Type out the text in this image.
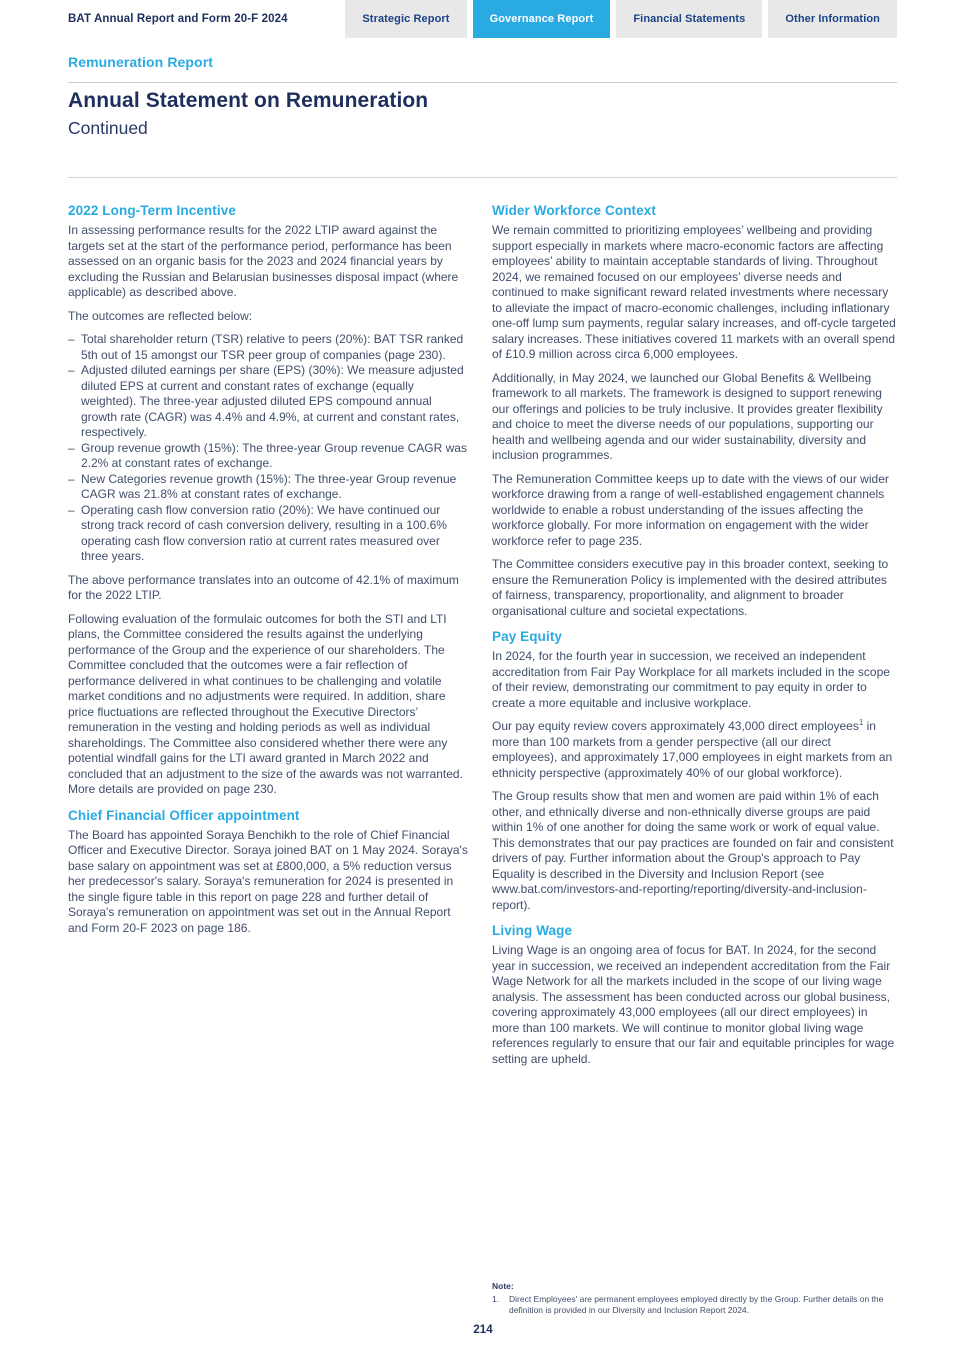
BAT Annual Report and Form 20-F 2024	Strategic Report	Governance Report	Financial Statements	Other Information
Remuneration Report
Annual Statement on Remuneration
Continued
2022 Long-Term Incentive

In assessing performance results for the 2022 LTIP award against the targets set at the start of the performance period, performance has been assessed on an organic basis for the 2023 and 2024 financial years by excluding the Russian and Belarusian businesses disposal impact (where applicable) as described above.

The outcomes are reflected below:

– Total shareholder return (TSR) relative to peers (20%): BAT TSR ranked 5th out of 15 amongst our TSR peer group of companies (page 230).
– Adjusted diluted earnings per share (EPS) (30%): We measure adjusted diluted EPS at current and constant rates of exchange (equally weighted). The three-year adjusted diluted EPS compound annual growth rate (CAGR) was 4.4% and 4.9%, at current and constant rates, respectively.
– Group revenue growth (15%): The three-year Group revenue CAGR was 2.2% at constant rates of exchange.
– New Categories revenue growth (15%): The three-year Group revenue CAGR was 21.8% at constant rates of exchange.
– Operating cash flow conversion ratio (20%): We have continued our strong track record of cash conversion delivery, resulting in a 100.6% operating cash flow conversion ratio at current rates measured over three years.

The above performance translates into an outcome of 42.1% of maximum for the 2022 LTIP.

Following evaluation of the formulaic outcomes for both the STI and LTI plans, the Committee considered the results against the underlying performance of the Group and the experience of our shareholders. The Committee concluded that the outcomes were a fair reflection of performance delivered in what continues to be challenging and volatile market conditions and no adjustments were required. In addition, share price fluctuations are reflected throughout the Executive Directors’ remuneration in the vesting and holding periods as well as individual shareholdings. The Committee also considered whether there were any potential windfall gains for the LTI award granted in March 2022 and concluded that an adjustment to the size of the awards was not warranted. More details are provided on page 230.

Chief Financial Officer appointment

The Board has appointed Soraya Benchikh to the role of Chief Financial Officer and Executive Director. Soraya joined BAT on 1 May 2024. Soraya's base salary on appointment was set at £800,000, a 5% reduction versus her predecessor's salary. Soraya's remuneration for 2024 is presented in the single figure table in this report on page 228 and further detail of Soraya's remuneration on appointment was set out in the Annual Report and Form 20-F 2023 on page 186.

Wider Workforce Context

We remain committed to prioritizing employees’ wellbeing and providing support especially in markets where macro-economic factors are affecting employees’ ability to maintain acceptable standards of living. Throughout 2024, we remained focused on our employees’ diverse needs and continued to make significant reward related investments where necessary to alleviate the impact of macro-economic challenges, including inflationary one-off lump sum payments, regular salary increases, and off-cycle targeted salary increases. These initiatives covered 11 markets with an overall spend of £10.9 million across circa 6,000 employees.

Additionally, in May 2024, we launched our Global Benefits & Wellbeing framework to all markets. The framework is designed to support renewing our offerings and policies to be truly inclusive. It provides greater flexibility and choice to meet the diverse needs of our populations, supporting our health and wellbeing agenda and our wider sustainability, diversity and inclusion programmes.

The Remuneration Committee keeps up to date with the views of our wider workforce drawing from a range of well-established engagement channels worldwide to enable a robust understanding of the issues affecting the workforce globally. For more information on engagement with the wider workforce refer to page 235.

The Committee considers executive pay in this broader context, seeking to ensure the Remuneration Policy is implemented with the desired attributes of fairness, transparency, proportionality, and alignment to broader organisational culture and societal expectations.

Pay Equity

In 2024, for the fourth year in succession, we received an independent accreditation from Fair Pay Workplace for all markets included in the scope of their review, demonstrating our commitment to pay equity in order to create a more equitable and inclusive workplace.

Our pay equity review covers approximately 43,000 direct employees$^1$ in more than 100 markets from a gender perspective (all our direct employees), and approximately 17,000 employees in eight markets from an ethnicity perspective (approximately 40% of our global workforce).

The Group results show that men and women are paid within 1% of each other, and ethnically diverse and non-ethnically diverse groups are paid within 1% of one another for doing the same work or work of equal value. This demonstrates that our pay practices are founded on fair and consistent drivers of pay. Further information about the Group's approach to Pay Equality is described in the Diversity and Inclusion Report (see www.bat.com/investors-and-reporting/reporting/diversity-and-inclusion-report).

Living Wage

Living Wage is an ongoing area of focus for BAT. In 2024, for the second year in succession, we received an independent accreditation from the Fair Wage Network for all the markets included in the scope of our living wage analysis. The assessment has been conducted across our global business, covering approximately 43,000 employees (all our direct employees) in more than 100 markets. We will continue to monitor global living wage references regularly to ensure that our fair and equitable principles for wage setting are upheld.

Note:

1.	Direct Employees' are permanent employees employed directly by the Group. Further details on the definition is provided in our Diversity and Inclusion Report 2024.
214
